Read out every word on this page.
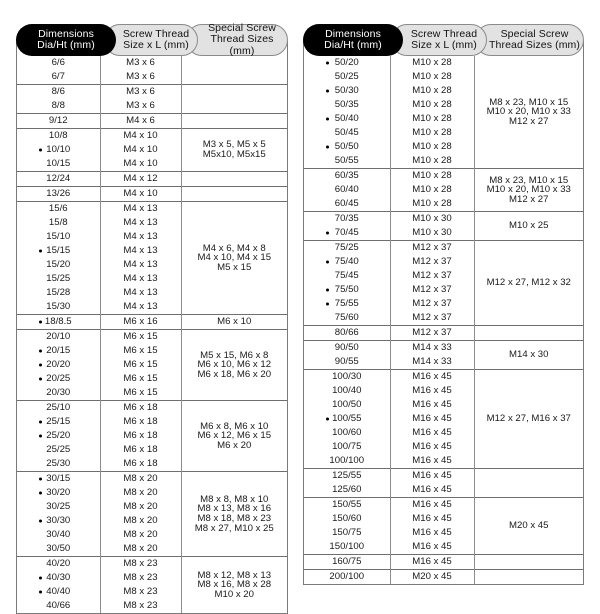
Dimensions
Dia/Ht (mm)
Screw Thread
Size x L (mm)
Special Screw
Thread Sizes (mm)
6/6	M3 x 6	
6/7	M3 x 6	
8/6	M3 x 6	
8/8	M3 x 6	
9/12	M4 x 6	
10/8	M4 x 10	M3 x 5, M5 x 5
M5x10, M5x15

10/10	M4 x 10	
10/15	M4 x 10	
12/24	M4 x 12	
13/26	M4 x 10	
15/6	M4 x 13	M4 x 6, M4 x 8
M4 x 10, M4 x 15
M5 x 15

15/8	M4 x 13	
15/10	M4 x 13	

15/15	M4 x 13	
15/20	M4 x 13	
15/25	M4 x 13	
15/28	M4 x 13	
15/30	M4 x 13	

18/8.5	M6 x 16	M6 x 10

20/10	M6 x 15	M5 x 15, M6 x 8
M6 x 10, M6 x 12
M6 x 18, M6 x 20

20/15	M6 x 15	

20/20	M6 x 15	

20/25	M6 x 15	
20/30	M6 x 15	
25/10	M6 x 18	M6 x 8, M6 x 10
M6 x 12, M6 x 15
M6 x 20

25/15	M6 x 18	

25/20	M6 x 18	
25/25	M6 x 18	
25/30	M6 x 18	

30/15	M8 x 20	M8 x 8, M8 x 10
M8 x 13, M8 x 16
M8 x 18, M8 x 23
M8 x 27, M10 x 25

30/20	M8 x 20	
30/25	M8 x 20	

30/30	M8 x 20	
30/40	M8 x 20	
30/50	M8 x 20	
40/20	M8 x 23	M8 x 12, M8 x 13
M8 x 16, M8 x 28
M10 x 20

40/30	M8 x 23	

40/40	M8 x 23	
40/66	M8 x 23	
Dimensions
Dia/Ht (mm)
Screw Thread
Size x L (mm)
Special Screw
Thread Sizes (mm)
50/20	M10 x 28	M8 x 23, M10 x 15
M10 x 20, M10 x 33
M12 x 27

50/25	M10 x 28	

50/30	M10 x 28	
50/35	M10 x 28	

50/40	M10 x 28	
50/45	M10 x 28	

50/50	M10 x 28	
50/55	M10 x 28	
60/35	M10 x 28	M8 x 23, M10 x 15
M10 x 20, M10 x 33
M12 x 27

60/40	M10 x 28	
60/45	M10 x 28	
70/35	M10 x 30	M10 x 25

70/45	M10 x 30	
75/25	M12 x 37	M12 x 27, M12 x 32

75/40	M12 x 37	
75/45	M12 x 37	

75/50	M12 x 37	

75/55	M12 x 37	
75/60	M12 x 37	
80/66	M12 x 37	
90/50	M14 x 33	M14 x 30

90/55	M14 x 33	
100/30	M16 x 45	M12 x 27, M16 x 37

100/40	M16 x 45	
100/50	M16 x 45	

100/55	M16 x 45	
100/60	M16 x 45	
100/75	M16 x 45	
100/100	M16 x 45	
125/55	M16 x 45	
125/60	M16 x 45	
150/55	M16 x 45	M20 x 45

150/60	M16 x 45	
150/75	M16 x 45	
150/100	M16 x 45	
160/75	M16 x 45	
200/100	M20 x 45	
